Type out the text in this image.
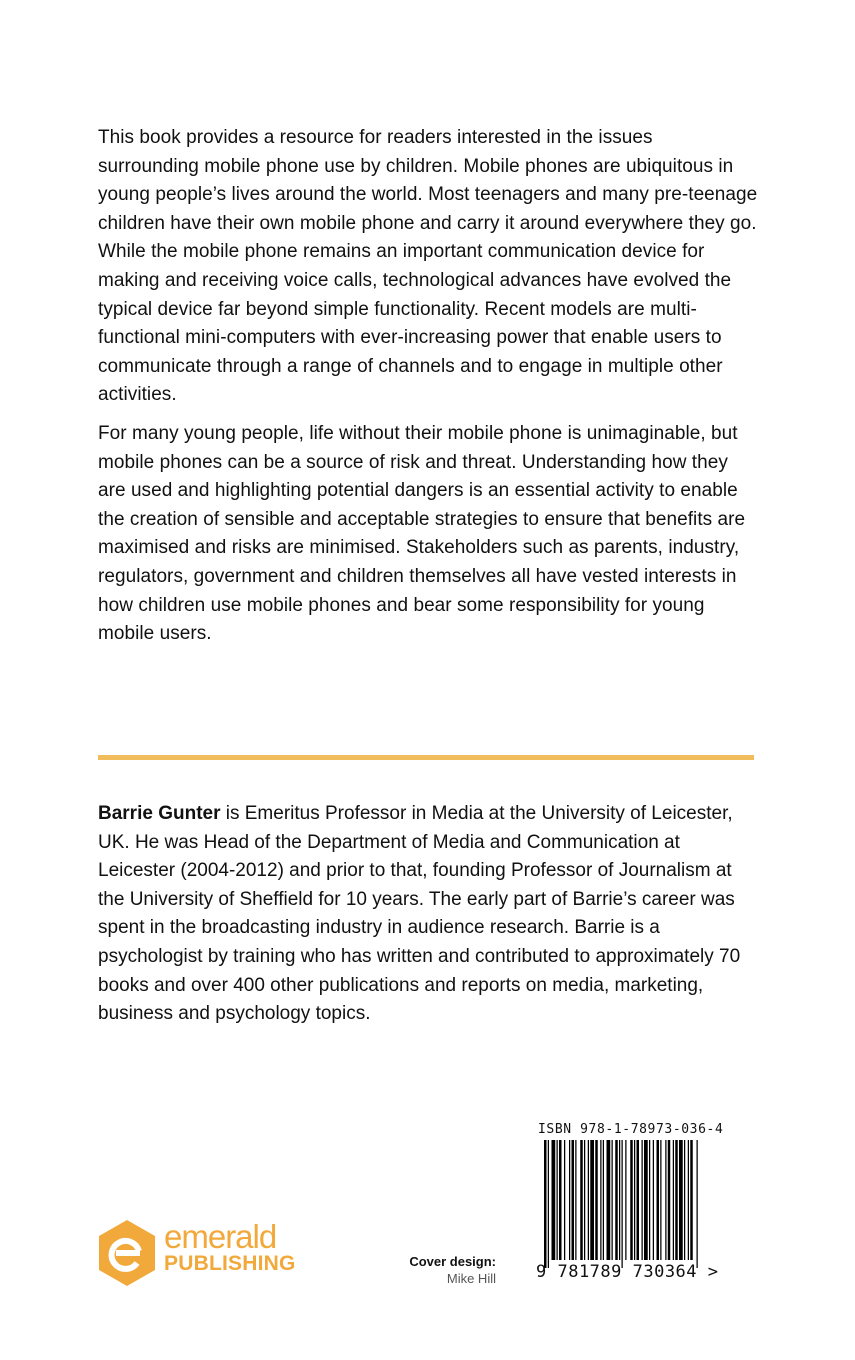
This book provides a resource for readers interested in the issues surrounding mobile phone use by children. Mobile phones are ubiquitous in young people’s lives around the world. Most teenagers and many pre-teenage children have their own mobile phone and carry it around everywhere they go. While the mobile phone remains an important communication device for making and receiving voice calls, technological advances have evolved the typical device far beyond simple functionality. Recent models are multi-functional mini-computers with ever-increasing power that enable users to communicate through a range of channels and to engage in multiple other activities.

For many young people, life without their mobile phone is unimaginable, but mobile phones can be a source of risk and threat. Understanding how they are used and highlighting potential dangers is an essential activity to enable the creation of sensible and acceptable strategies to ensure that benefits are maximised and risks are minimised. Stakeholders such as parents, industry, regulators, government and children themselves all have vested interests in how children use mobile phones and bear some responsibility for young mobile users.

Barrie Gunter is Emeritus Professor in Media at the University of Leicester, UK. He was Head of the Department of Media and Communication at Leicester (2004-2012) and prior to that, founding Professor of Journalism at the University of Sheffield for 10 years. The early part of Barrie’s career was spent in the broadcasting industry in audience research. Barrie is a psychologist by training who has written and contributed to approximately 70 books and over 400 other publications and reports on media, marketing, business and psychology topics.

emerald
PUBLISHING	Cover design:
Mike Hill
ISBN 978-1-78973-036-4
9 781789 730364 >
